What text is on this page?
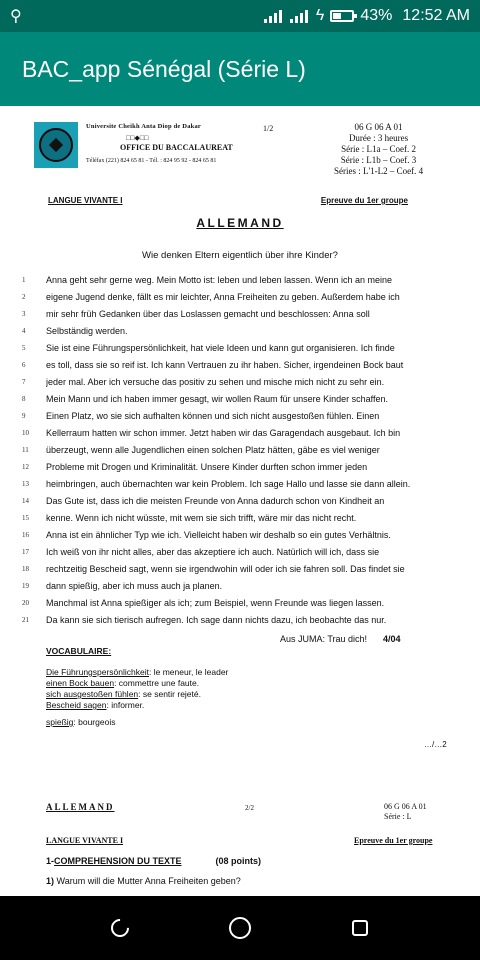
⚲	ϟ 43% 12:52 AM
BAC_app Sénégal (Série L)
Universite Cheikh Anta Diop de Dakar
□□◆□□
OFFICE DU BACCALAUREAT
Téléfax (221) 824 65 81 - Tél. : 824 95 92 - 824 65 81
1/2	06 G 06 A 01
Durée : 3 heures
Série : L1a – Coef. 2
Série : L1b – Coef. 3
Séries : L'1-L2 – Coef. 4
LANGUE VIVANTE I	Epreuve du 1er groupe
ALLEMAND
Wie denken Eltern eigentlich über ihre Kinder?
1	Anna geht sehr gerne weg. Mein Motto ist: leben und leben lassen. Wenn ich an meine
2	eigene Jugend denke, fällt es mir leichter, Anna Freiheiten zu geben. Außerdem habe ich
3	mir sehr früh Gedanken über das Loslassen gemacht und beschlossen: Anna soll
4	Selbständig werden.
5	Sie ist eine Führungspersönlichkeit, hat viele Ideen und kann gut organisieren. Ich finde
6	es toll, dass sie so reif ist. Ich kann Vertrauen zu ihr haben. Sicher, irgendeinen Bock baut
7	jeder mal. Aber ich versuche das positiv zu sehen und mische mich nicht zu sehr ein.
8	Mein Mann und ich haben immer gesagt, wir wollen Raum für unsere Kinder schaffen.
9	Einen Platz, wo sie sich aufhalten können und sich nicht ausgestoßen fühlen. Einen
10	Kellerraum hatten wir schon immer. Jetzt haben wir das Garagendach ausgebaut. Ich bin
11	überzeugt, wenn alle Jugendlichen einen solchen Platz hätten, gäbe es viel weniger
12	Probleme mit Drogen und Kriminalität. Unsere Kinder durften schon immer jeden
13	heimbringen, auch übernachten war kein Problem. Ich sage Hallo und lasse sie dann allein.
14	Das Gute ist, dass ich die meisten Freunde von Anna dadurch schon von Kindheit an
15	kenne. Wenn ich nicht wüsste, mit wem sie sich trifft, wäre mir das nicht recht.
16	Anna ist ein ähnlicher Typ wie ich. Vielleicht haben wir deshalb so ein gutes Verhältnis.
17	Ich weiß von ihr nicht alles, aber das akzeptiere ich auch. Natürlich will ich, dass sie
18	rechtzeitig Bescheid sagt, wenn sie irgendwohin will oder ich sie fahren soll. Das findet sie
19	dann spießig, aber ich muss auch ja planen.
20	Manchmal ist Anna spießiger als ich; zum Beispiel, wenn Freunde was liegen lassen.
21	Da kann sie sich tierisch aufregen. Ich sage dann nichts dazu, ich beobachte das nur.
Aus JUMA: Trau dich! 4/04
VOCABULAIRE:
Die Führungspersönlichkeit: le meneur, le leader
einen Bock bauen: commettre une faute.
sich ausgestoßen fühlen: se sentir rejeté.
Bescheid sagen: informer.
spießig: bourgeois
…/…2
ALLEMAND	2/2	06 G 06 A 01
Série : L
LANGUE VIVANTE I	Epreuve du 1er groupe
1-COMPREHENSION DU TEXTE	(08 points)
1) Warum will die Mutter Anna Freiheiten geben?
